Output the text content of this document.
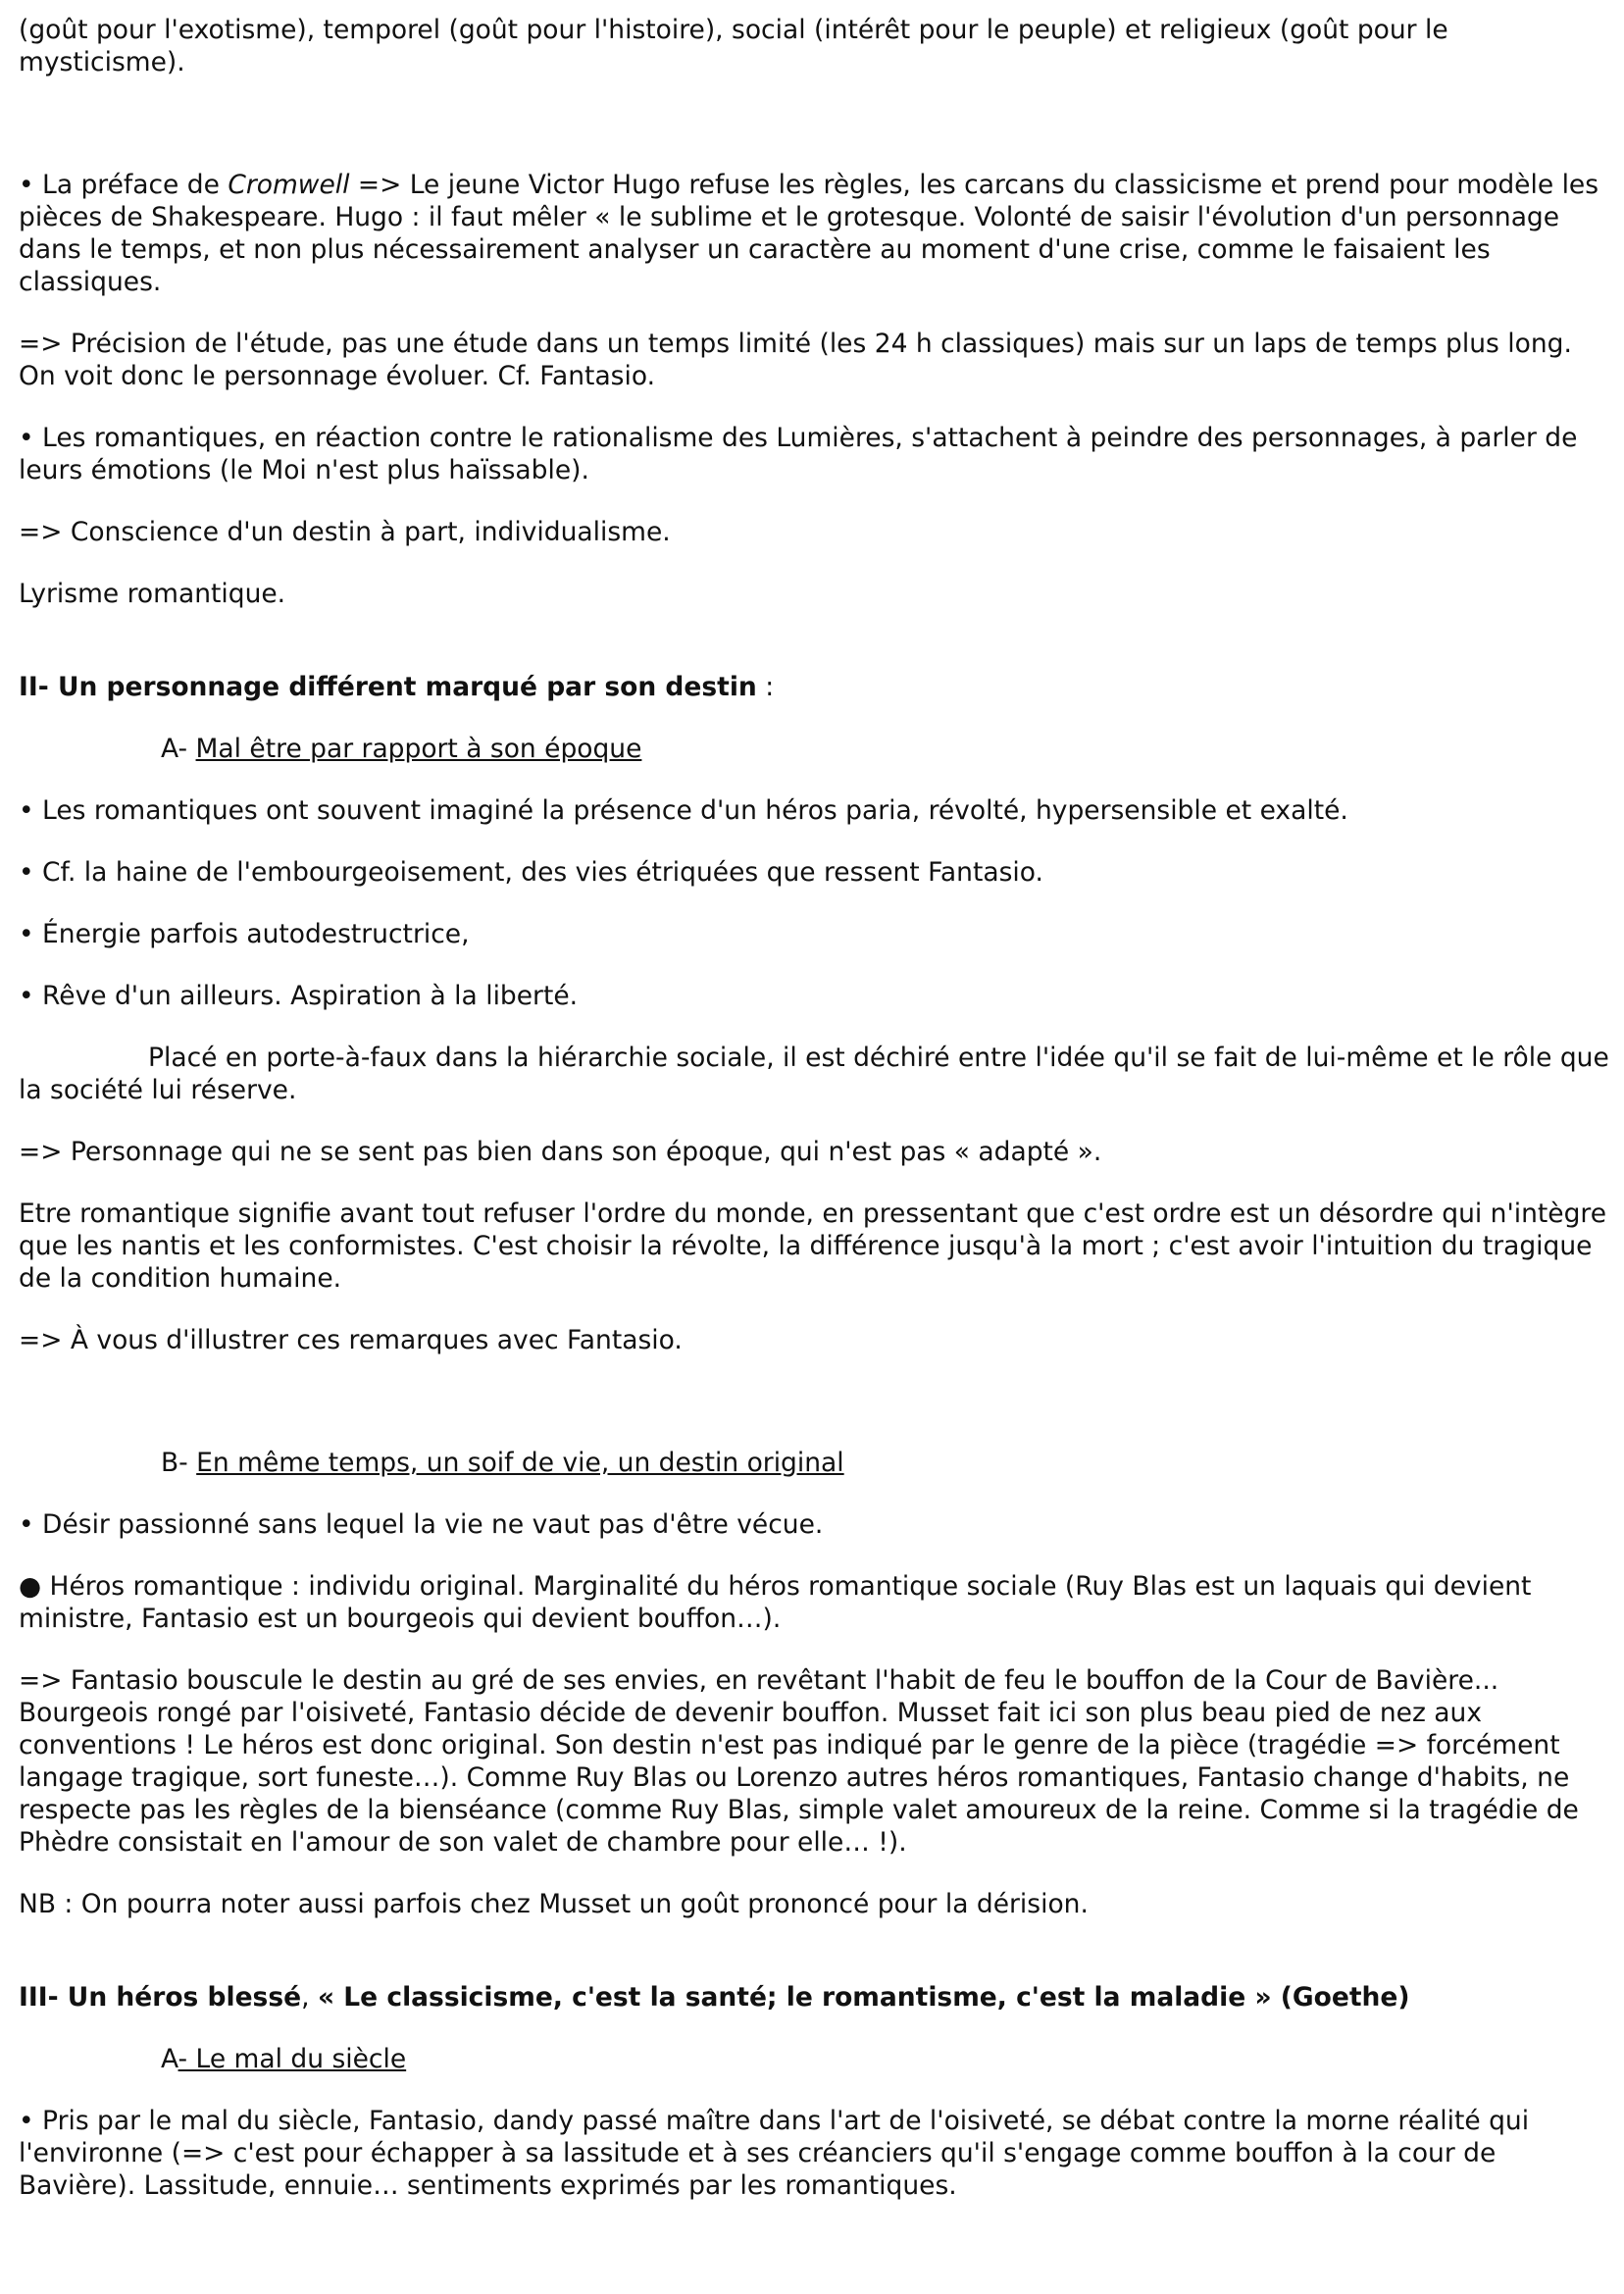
(goût pour l'exotisme), temporel (goût pour l'histoire), social (intérêt pour le peuple) et religieux (goût pour le mysticisme).

• La préface de Cromwell => Le jeune Victor Hugo refuse les règles, les carcans du classicisme et prend pour modèle les pièces de Shakespeare. Hugo : il faut mêler « le sublime et le grotesque. Volonté de saisir l'évolution d'un personnage dans le temps, et non plus nécessairement analyser un caractère au moment d'une crise, comme le faisaient les classiques.

=> Précision de l'étude, pas une étude dans un temps limité (les 24 h classiques) mais sur un laps de temps plus long. On voit donc le personnage évoluer. Cf. Fantasio.

• Les romantiques, en réaction contre le rationalisme des Lumières, s'attachent à peindre des personnages, à parler de leurs émotions (le Moi n'est plus haïssable).

=> Conscience d'un destin à part, individualisme.

Lyrisme romantique.

II- Un personnage différent marqué par son destin :

A- Mal être par rapport à son époque

• Les romantiques ont souvent imaginé la présence d'un héros paria, révolté, hypersensible et exalté.

• Cf. la haine de l'embourgeoisement, des vies étriquées que ressent Fantasio.

• Énergie parfois autodestructrice,

• Rêve d'un ailleurs. Aspiration à la liberté.

Placé en porte-à-faux dans la hiérarchie sociale, il est déchiré entre l'idée qu'il se fait de lui-même et le rôle que la société lui réserve.

=> Personnage qui ne se sent pas bien dans son époque, qui n'est pas « adapté ».

Etre romantique signifie avant tout refuser l'ordre du monde, en pressentant que c'est ordre est un désordre qui n'intègre que les nantis et les conformistes. C'est choisir la révolte, la différence jusqu'à la mort ; c'est avoir l'intuition du tragique de la condition humaine.

=> À vous d'illustrer ces remarques avec Fantasio.

B- En même temps, un soif de vie, un destin original

• Désir passionné sans lequel la vie ne vaut pas d'être vécue.

● Héros romantique : individu original. Marginalité du héros romantique sociale (Ruy Blas est un laquais qui devient ministre, Fantasio est un bourgeois qui devient bouffon…).

=> Fantasio bouscule le destin au gré de ses envies, en revêtant l'habit de feu le bouffon de la Cour de Bavière... Bourgeois rongé par l'oisiveté, Fantasio décide de devenir bouffon. Musset fait ici son plus beau pied de nez aux conventions ! Le héros est donc original. Son destin n'est pas indiqué par le genre de la pièce (tragédie => forcément langage tragique, sort funeste…). Comme Ruy Blas ou Lorenzo autres héros romantiques, Fantasio change d'habits, ne respecte pas les règles de la bienséance (comme Ruy Blas, simple valet amoureux de la reine. Comme si la tragédie de Phèdre consistait en l'amour de son valet de chambre pour elle… !).

NB : On pourra noter aussi parfois chez Musset un goût prononcé pour la dérision.

III- Un héros blessé, « Le classicisme, c'est la santé; le romantisme, c'est la maladie » (Goethe)

A- Le mal du siècle

• Pris par le mal du siècle, Fantasio, dandy passé maître dans l'art de l'oisiveté, se débat contre la morne réalité qui l'environne (=> c'est pour échapper à sa lassitude et à ses créanciers qu'il s'engage comme bouffon à la cour de Bavière). Lassitude, ennuie… sentiments exprimés par les romantiques.
